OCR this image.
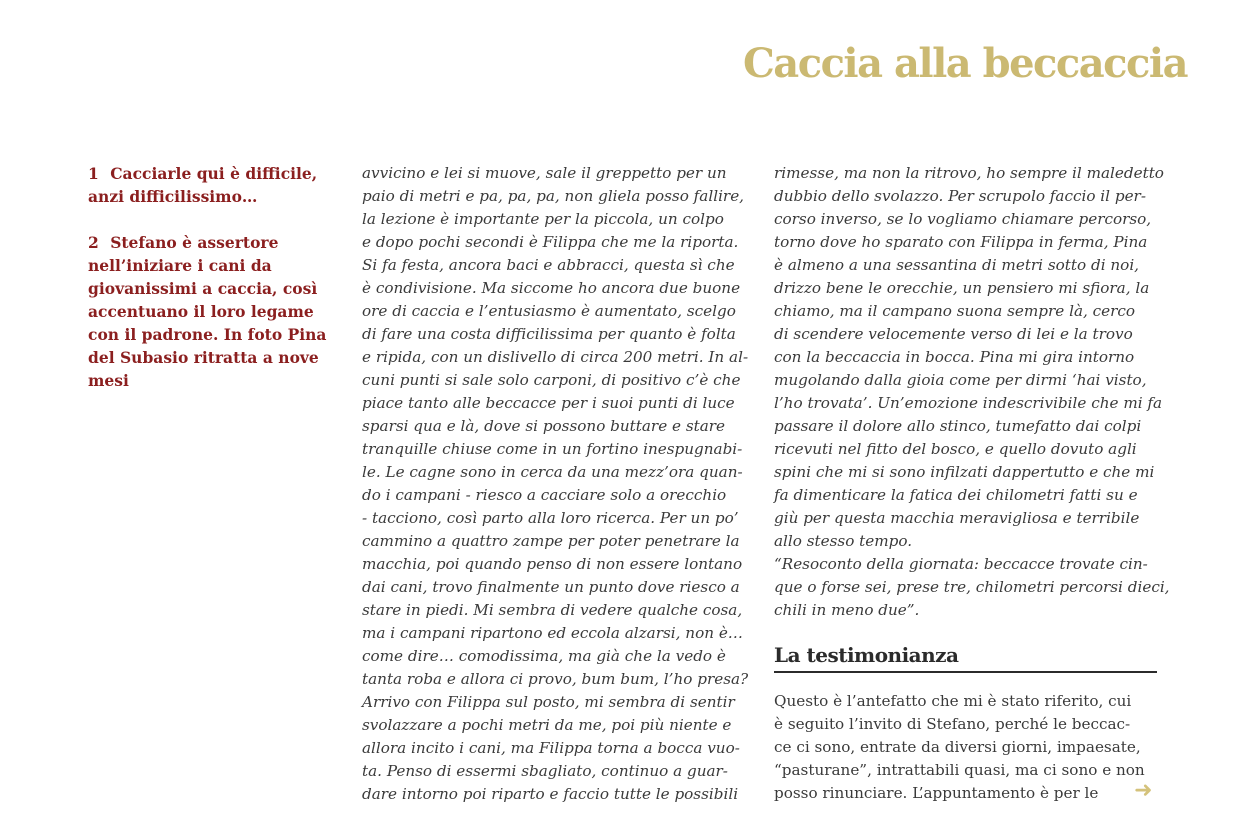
Caccia alla beccaccia

1 Cacciarle qui è difficile, anzi difficilissimo…

2 Stefano è assertore nell’iniziare i cani da giovanissimi a caccia, così accentuano il loro legame con il padrone. In foto Pina del Subasio ritratta a nove mesi

avvicino e lei si muove, sale il greppetto per un
paio di metri e pa, pa, pa, non gliela posso fallire,
la lezione è importante per la piccola, un colpo
e dopo pochi secondi è Filippa che me la riporta.
Si fa festa, ancora baci e abbracci, questa sì che
è condivisione. Ma siccome ho ancora due buone
ore di caccia e l’entusiasmo è aumentato, scelgo
di fare una costa difficilissima per quanto è folta
e ripida, con un dislivello di circa 200 metri. In al-
cuni punti si sale solo carponi, di positivo c’è che
piace tanto alle beccacce per i suoi punti di luce
sparsi qua e là, dove si possono buttare e stare
tranquille chiuse come in un fortino inespugnabi-
le. Le cagne sono in cerca da una mezz’ora quan-
do i campani - riesco a cacciare solo a orecchio
- tacciono, così parto alla loro ricerca. Per un po’
cammino a quattro zampe per poter penetrare la
macchia, poi quando penso di non essere lontano
dai cani, trovo finalmente un punto dove riesco a
stare in piedi. Mi sembra di vedere qualche cosa,
ma i campani ripartono ed eccola alzarsi, non è…
come dire… comodissima, ma già che la vedo è
tanta roba e allora ci provo, bum bum, l’ho presa?
Arrivo con Filippa sul posto, mi sembra di sentir
svolazzare a pochi metri da me, poi più niente e
allora incito i cani, ma Filippa torna a bocca vuo-
ta. Penso di essermi sbagliato, continuo a guar-
dare intorno poi riparto e faccio tutte le possibili
rimesse, ma non la ritrovo, ho sempre il maledetto
dubbio dello svolazzo. Per scrupolo faccio il per-
corso inverso, se lo vogliamo chiamare percorso,
torno dove ho sparato con Filippa in ferma, Pina
è almeno a una sessantina di metri sotto di noi,
drizzo bene le orecchie, un pensiero mi sfiora, la
chiamo, ma il campano suona sempre là, cerco
di scendere velocemente verso di lei e la trovo
con la beccaccia in bocca. Pina mi gira intorno
mugolando dalla gioia come per dirmi ‘hai visto,
l’ho trovata’. Un’emozione indescrivibile che mi fa
passare il dolore allo stinco, tumefatto dai colpi
ricevuti nel fitto del bosco, e quello dovuto agli
spini che mi si sono infilzati dappertutto e che mi
fa dimenticare la fatica dei chilometri fatti su e
giù per questa macchia meravigliosa e terribile
allo stesso tempo.
“Resoconto della giornata: beccacce trovate cin-
que o forse sei, prese tre, chilometri percorsi dieci,
chili in meno due”.
La testimonianza
Questo è l’antefatto che mi è stato riferito, cui
è seguito l’invito di Stefano, perché le beccac-
ce ci sono, entrate da diversi giorni, impaesate,
“pasturane”, intrattabili quasi, ma ci sono e non
posso rinunciare. L’appuntamento è per le	➜
